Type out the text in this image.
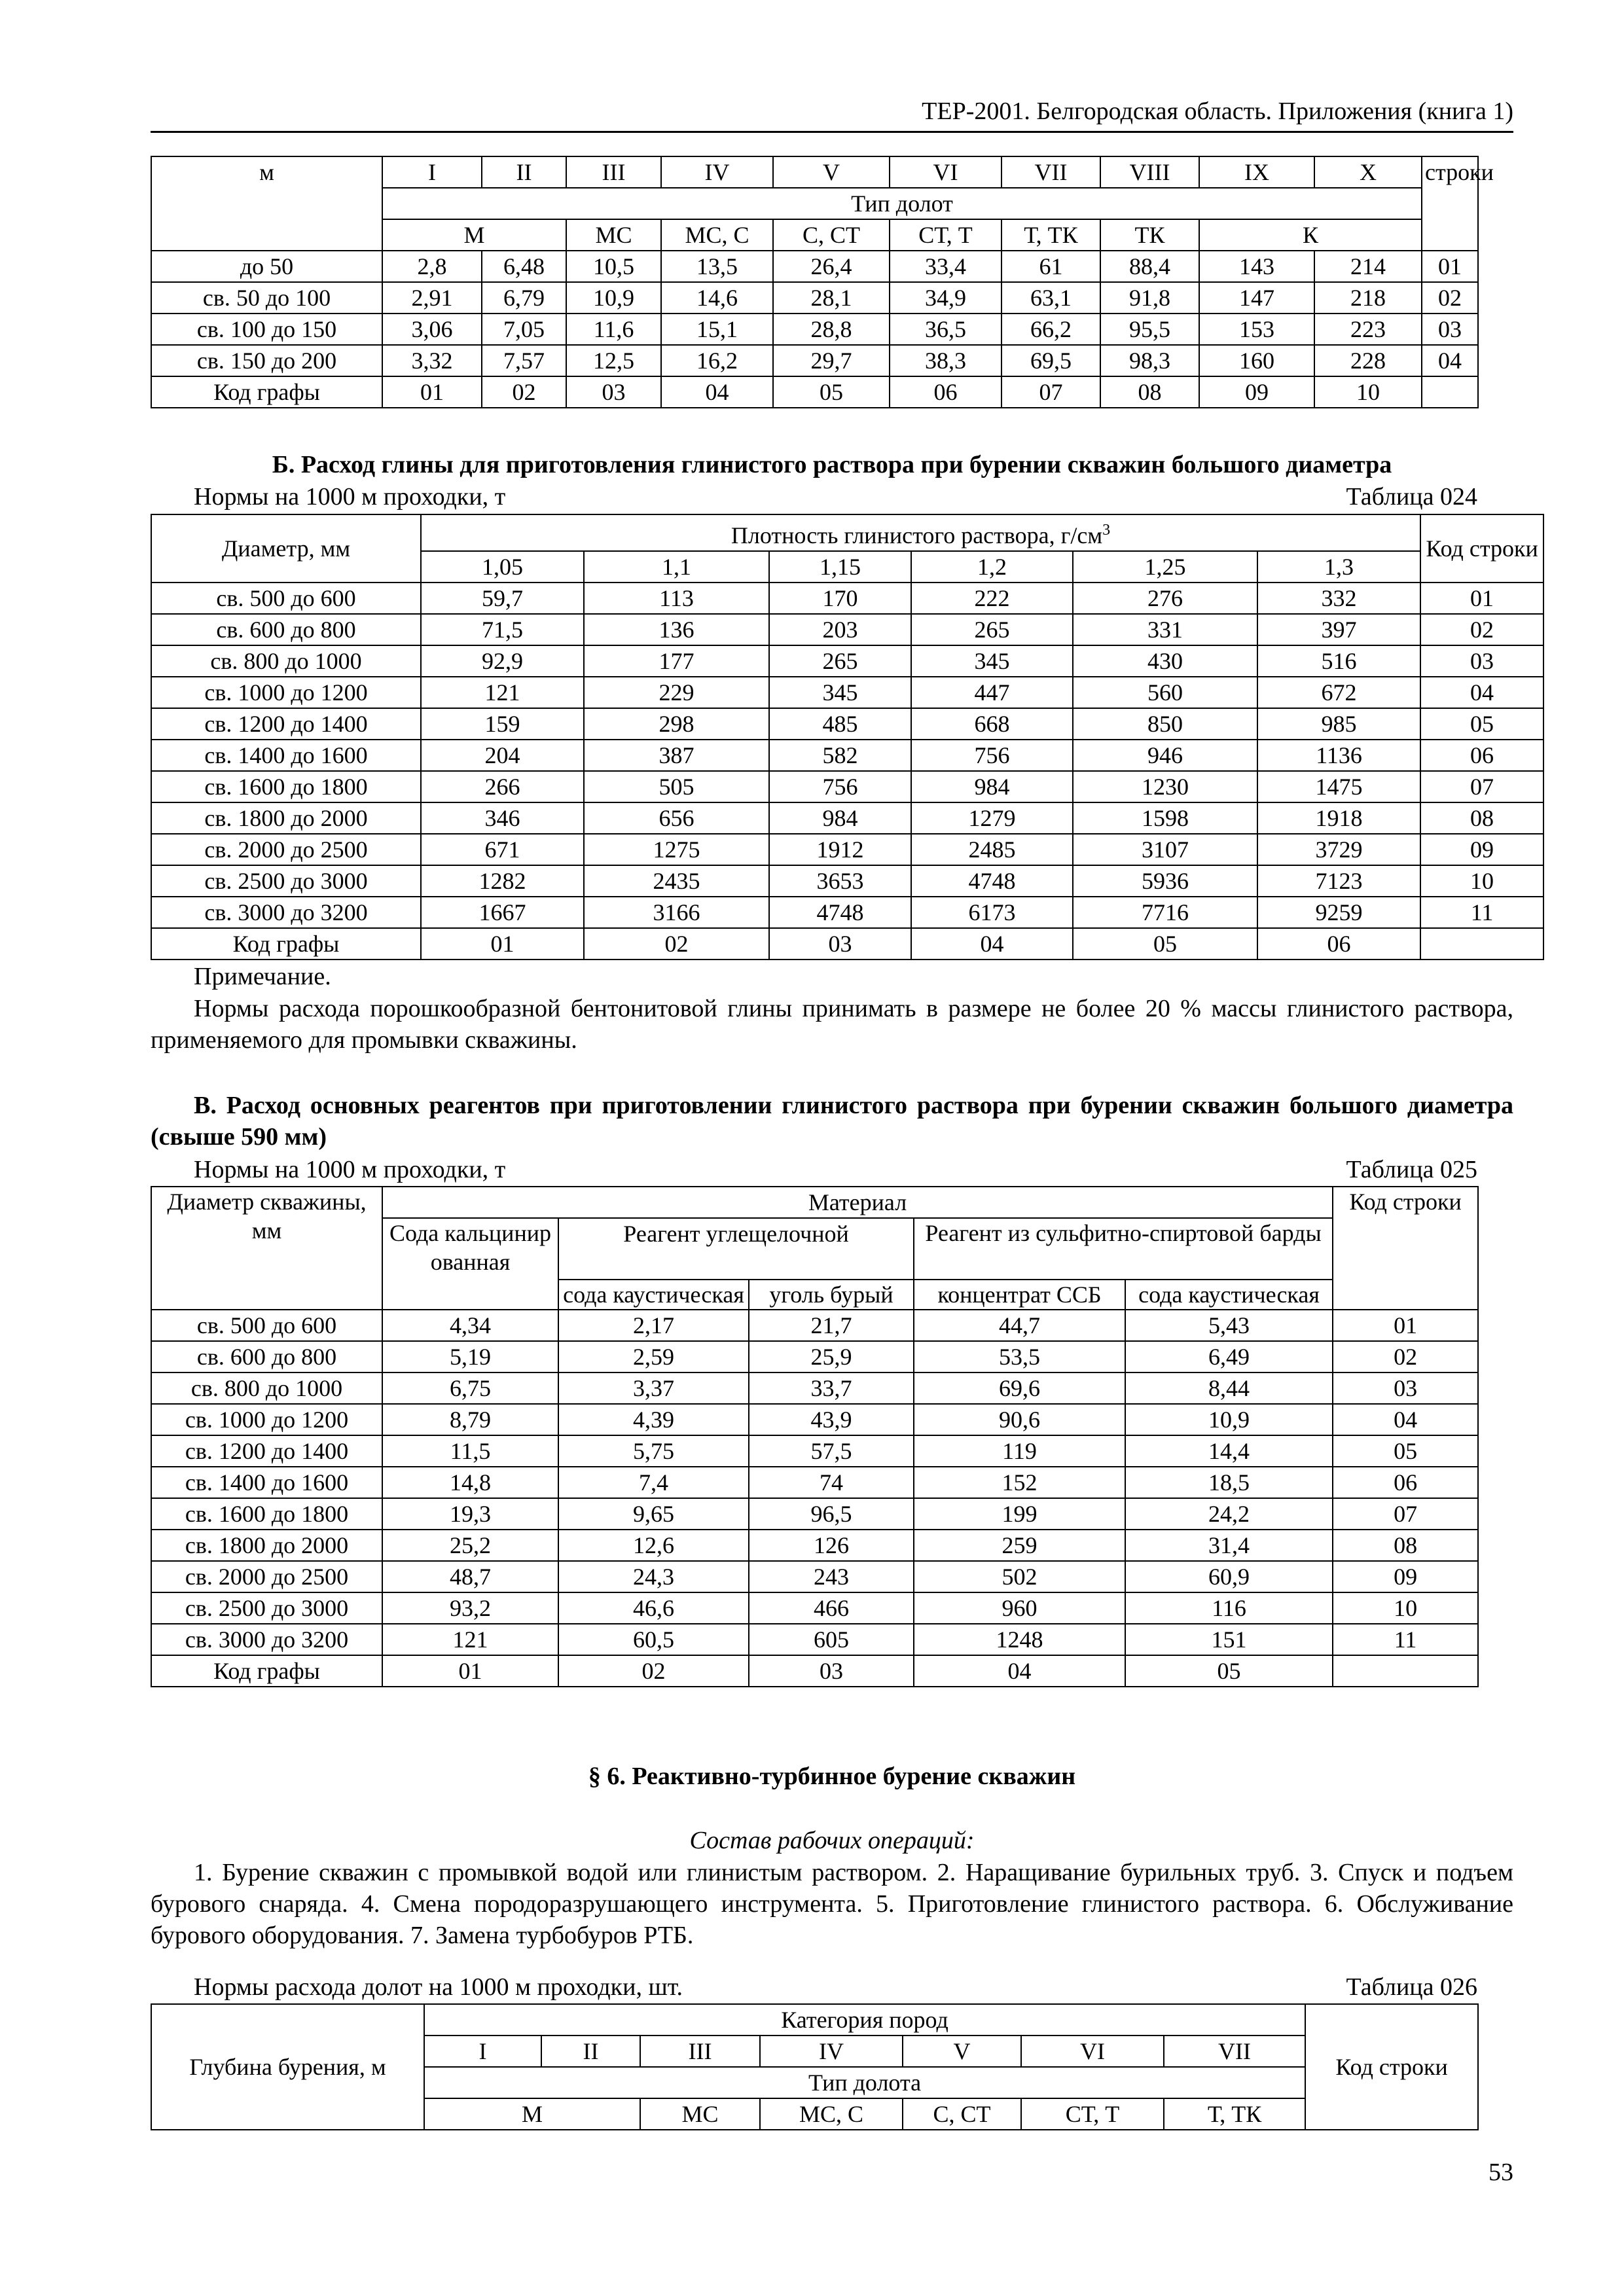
ТЕР-2001. Белгородская область. Приложения (книга 1)
м	I	II	III	IV	V	VI	VII	VIII	IX	X	строки
	Тип долот										
	М		МС	МС, С	С, СТ	СТ, Т	Т, ТК	ТК	К		
до 50	2,8	6,48	10,5	13,5	26,4	33,4	61	88,4	143	214	01
св. 50 до 100	2,91	6,79	10,9	14,6	28,1	34,9	63,1	91,8	147	218	02
св. 100 до 150	3,06	7,05	11,6	15,1	28,8	36,5	66,2	95,5	153	223	03
св. 150 до 200	3,32	7,57	12,5	16,2	29,7	38,3	69,5	98,3	160	228	04
Код графы	01	02	03	04	05	06	07	08	09	10	
Б. Расход глины для приготовления глинистого раствора при бурении скважин большого диаметра
Нормы на 1000 м проходки, т	Таблица 024
Диаметр, мм	Плотность глинистого раствора, $г/см^3$						Код строки
	1,05	1,1	1,15	1,2	1,25	1,3	
св. 500 до 600	59,7	113	170	222	276	332	01
св. 600 до 800	71,5	136	203	265	331	397	02
св. 800 до 1000	92,9	177	265	345	430	516	03
св. 1000 до 1200	121	229	345	447	560	672	04
св. 1200 до 1400	159	298	485	668	850	985	05
св. 1400 до 1600	204	387	582	756	946	1136	06
св. 1600 до 1800	266	505	756	984	1230	1475	07
св. 1800 до 2000	346	656	984	1279	1598	1918	08
св. 2000 до 2500	671	1275	1912	2485	3107	3729	09
св. 2500 до 3000	1282	2435	3653	4748	5936	7123	10
св. 3000 до 3200	1667	3166	4748	6173	7716	9259	11
Код графы	01	02	03	04	05	06	
Примечание.
Нормы расхода порошкообразной бентонитовой глины принимать в размере не более 20 % массы глинистого раствора, применяемого для промывки скважины.
В. Расход основных реагентов при приготовлении глинистого раствора при бурении скважин большого диаметра (свыше 590 мм)
Нормы на 1000 м проходки, т	Таблица 025
Диаметр скважины, мм	Материал					Код строки
	Сода кальцинированная	Реагент углещелочной		Реагент из сульфитно-спиртовой барды		
		сода каустическая	уголь бурый	концентрат ССБ	сода каустическая	
св. 500 до 600	4,34	2,17	21,7	44,7	5,43	01
св. 600 до 800	5,19	2,59	25,9	53,5	6,49	02
св. 800 до 1000	6,75	3,37	33,7	69,6	8,44	03
св. 1000 до 1200	8,79	4,39	43,9	90,6	10,9	04
св. 1200 до 1400	11,5	5,75	57,5	119	14,4	05
св. 1400 до 1600	14,8	7,4	74	152	18,5	06
св. 1600 до 1800	19,3	9,65	96,5	199	24,2	07
св. 1800 до 2000	25,2	12,6	126	259	31,4	08
св. 2000 до 2500	48,7	24,3	243	502	60,9	09
св. 2500 до 3000	93,2	46,6	466	960	116	10
св. 3000 до 3200	121	60,5	605	1248	151	11
Код графы	01	02	03	04	05	
§ 6. Реактивно-турбинное бурение скважин
Состав рабочих операций:
1. Бурение скважин с промывкой водой или глинистым раствором. 2. Наращивание бурильных труб. 3. Спуск и подъем бурового снаряда. 4. Смена породоразрушающего инструмента. 5. Приготовление глинистого раствора. 6. Обслуживание бурового оборудования. 7. Замена турбобуров РТБ.
Нормы расхода долот на 1000 м проходки, шт.	Таблица 026
Глубина бурения, м	Категория пород							Код строки
	I	II	III	IV	V	VI	VII	
	Тип долота							
	М		МС	МС, С	С, СТ	СТ, Т	Т, ТК	
53
